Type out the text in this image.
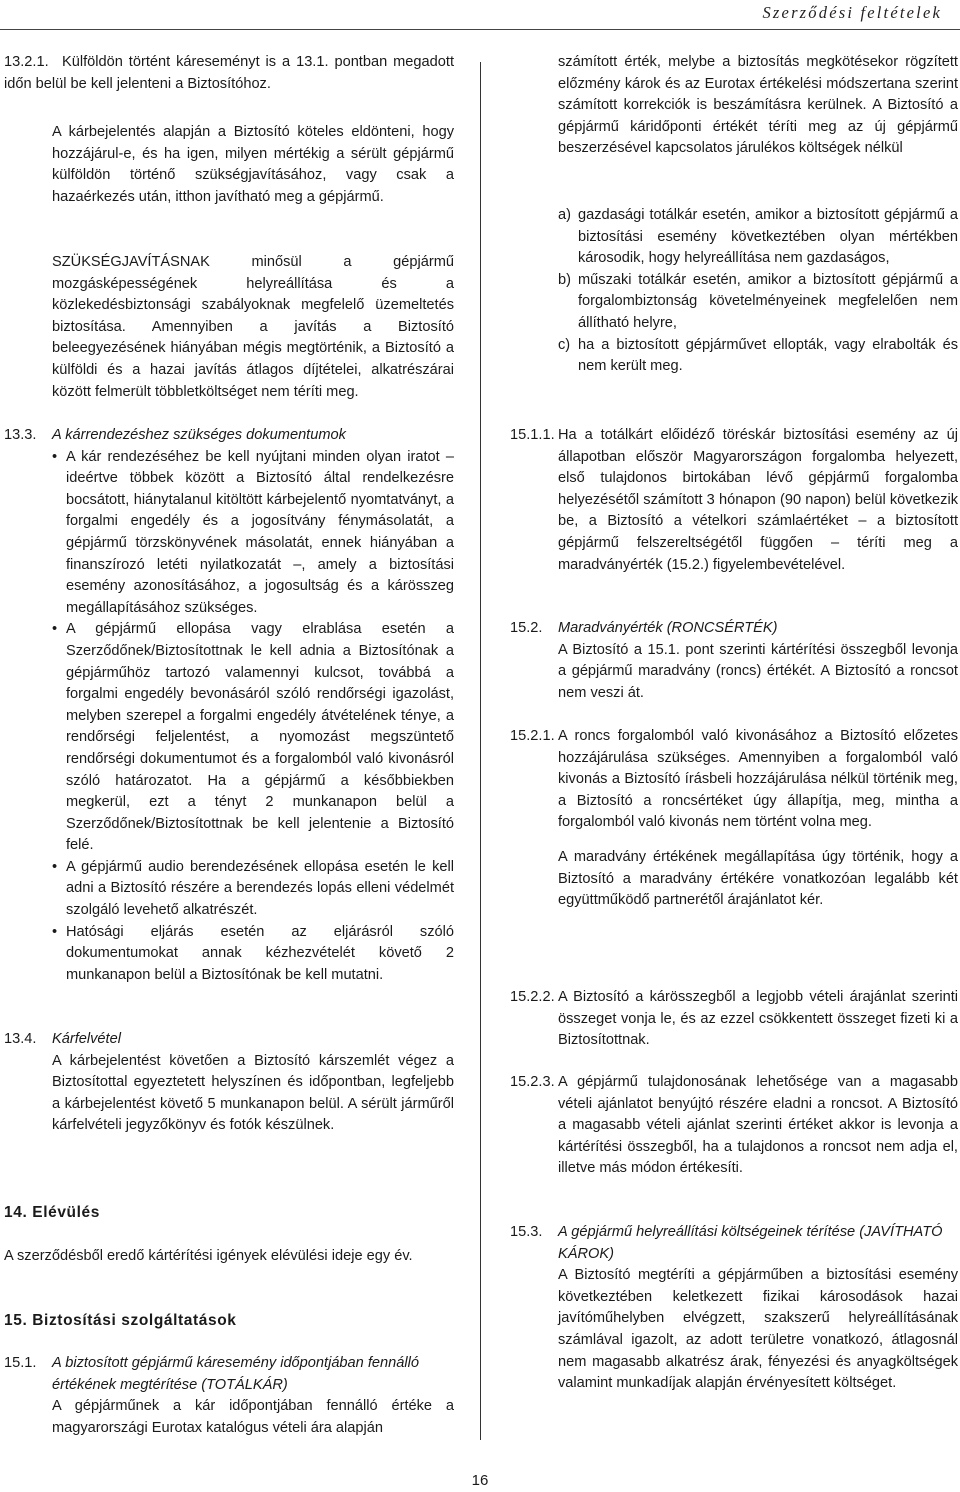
Szerződési feltételek
13.2.1. Külföldön történt káreseményt is a 13.1. pontban megadott időn belül be kell jelenteni a Biztosítóhoz.

A kárbejelentés alapján a Biztosító köteles eldönteni, hogy hozzájárul-e, és ha igen, milyen mértékig a sérült gépjármű külföldön történő szükségjavításához, vagy csak a hazaérkezés után, itthon javítható meg a gépjármű.

SZÜKSÉGJAVÍTÁSNAK minősül a gépjármű mozgásképességének helyreállítása és a közlekedésbiztonsági szabályoknak megfelelő üzemeltetés biztosítása. Amennyiben a javítás a Biztosító beleegyezésének hiányában mégis megtörténik, a Biztosító a külföldi és a hazai javítás átlagos díjtételei, alkatrészárai között felmerült többletköltséget nem téríti meg.

13.3. A kárrendezéshez szükséges dokumentumok
• A kár rendezéséhez be kell nyújtani minden olyan iratot – ideértve többek között a Biztosító által rendelkezésre bocsátott, hiánytalanul kitöltött kárbejelentő nyomtatványt, a forgalmi engedély és a jogosítvány fénymásolatát, a gépjármű törzskönyvének másolatát, ennek hiányában a finanszírozó letéti nyilatkozatát –, amely a biztosítási esemény azonosításához, a jogosultság és a kárösszeg megállapításához szükséges.
• A gépjármű ellopása vagy elrablása esetén a Szerződőnek/Biztosítottnak le kell adnia a Biztosítónak a gépjárműhöz tartozó valamennyi kulcsot, továbbá a forgalmi engedély bevonásáról szóló rendőrségi igazolást, melyben szerepel a forgalmi engedély átvételének ténye, a rendőrségi feljelentést, a nyomozást megszüntető rendőrségi dokumentumot és a forgalomból való kivonásról szóló határozatot. Ha a gépjármű a későbbiekben megkerül, ezt a tényt 2 munkanapon belül a Szerződőnek/Biztosítottnak be kell jelentenie a Biztosító felé.
• A gépjármű audio berendezésének ellopása esetén le kell adni a Biztosító részére a berendezés lopás elleni védelmét szolgáló levehető alkatrészét.
• Hatósági eljárás esetén az eljárásról szóló dokumentumokat annak kézhezvételét követő 2 munkanapon belül a Biztosítónak be kell mutatni.
13.4. Kárfelvétel

A kárbejelentést követően a Biztosító kárszemlét végez a Biztosítottal egyeztetett helyszínen és időpontban, legfeljebb a kárbejelentést követő 5 munkanapon belül. A sérült járműről kárfelvételi jegyzőkönyv és fotók készülnek.

14. Elévülés

A szerződésből eredő kártérítési igények elévülési ideje egy év.

15. Biztosítási szolgáltatások
15.1. A biztosított gépjármű káresemény időpontjában fennálló értékének megtérítése (TOTÁLKÁR)

A gépjárműnek a kár időpontjában fennálló értéke a magyarországi Eurotax katalógus vételi ára alapján

számított érték, melybe a biztosítás megkötésekor rögzített előzmény károk és az Eurotax értékelési módszertana szerint számított korrekciók is beszámításra kerülnek. A Biztosító a gépjármű káridőponti értékét téríti meg az új gépjármű beszerzésével kapcsolatos járulékos költségek nélkül

a) gazdasági totálkár esetén, amikor a biztosított gépjármű a biztosítási esemény következtében olyan mértékben károsodik, hogy helyreállítása nem gazdaságos,
b) műszaki totálkár esetén, amikor a biztosított gépjármű a forgalombiztonság követelményeinek megfelelően nem állítható helyre,
c) ha a biztosított gépjárművet ellopták, vagy elrabolták és nem került meg.
15.1.1. Ha a totálkárt előidéző töréskár biztosítási esemény az új állapotban először Magyarországon forgalomba helyezett, első tulajdonos birtokában lévő gépjármű forgalomba helyezésétől számított 3 hónapon (90 napon) belül következik be, a Biztosító a vételkori számlaértéket – a biztosított gépjármű felszereltségétől függően – téríti meg a maradványérték (15.2.) figyelembevételével.

15.2. Maradványérték (RONCSÉRTÉK)

A Biztosító a 15.1. pont szerinti kártérítési összegből levonja a gépjármű maradvány (roncs) értékét. A Biztosító a roncsot nem veszi át.

15.2.1. A roncs forgalomból való kivonásához a Biztosító előzetes hozzájárulása szükséges. Amennyiben a forgalomból való kivonás a Biztosító írásbeli hozzájárulása nélkül történik meg, a Biztosító a roncsértéket úgy állapítja, meg, mintha a forgalomból való kivonás nem történt volna meg.

A maradvány értékének megállapítása úgy történik, hogy a Biztosító a maradvány értékére vonatkozóan legalább két együttműködő partnerétől árajánlatot kér.

15.2.2. A Biztosító a kárösszegből a legjobb vételi árajánlat szerinti összeget vonja le, és az ezzel csökkentett összeget fizeti ki a Biztosítottnak.

15.2.3. A gépjármű tulajdonosának lehetősége van a magasabb vételi ajánlatot benyújtó részére eladni a roncsot. A Biztosító a magasabb vételi ajánlat szerinti értéket akkor is levonja a kártérítési összegből, ha a tulajdonos a roncsot nem adja el, illetve más módon értékesíti.

15.3. A gépjármű helyreállítási költségeinek térítése (JAVÍTHATÓ KÁROK)

A Biztosító megtéríti a gépjárműben a biztosítási esemény következtében keletkezett fizikai károsodások hazai javítóműhelyben elvégzett, szakszerű helyreállításának számlával igazolt, az adott területre vonatkozó, átlagosnál nem magasabb alkatrész árak, fényezési és anyagköltségek valamint munkadíjak alapján érvényesített költséget.

16
